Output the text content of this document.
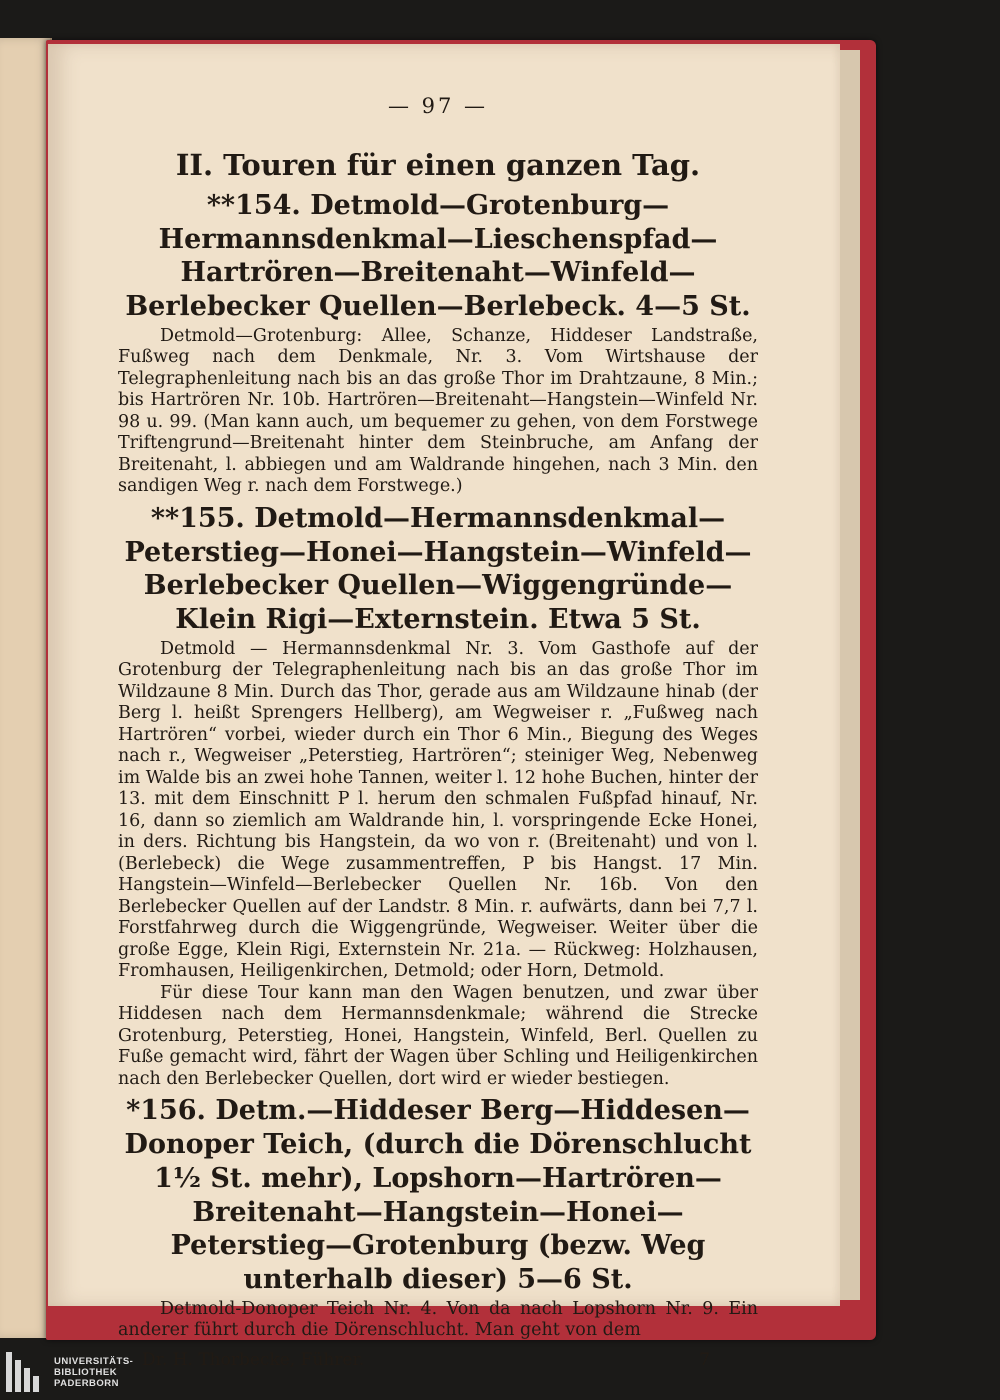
— 97 —
II. Touren für einen ganzen Tag.
**154. Detmold—Grotenburg—Hermannsdenkmal—Lieschenspfad—Hartrören—Breitenaht—Winfeld—Berlebecker Quellen—Berlebeck. 4—5 St.

Detmold—Grotenburg: Allee, Schanze, Hiddeser Landstraße, Fußweg nach dem Denkmale, Nr. 3. Vom Wirtshause der Telegraphenleitung nach bis an das große Thor im Drahtzaune, 8 Min.; bis Hartrören Nr. 10b. Hartrören—Breitenaht—Hangstein—Winfeld Nr. 98 u. 99. (Man kann auch, um bequemer zu gehen, von dem Forstwege Triftengrund—Breitenaht hinter dem Steinbruche, am Anfang der Breitenaht, l. abbiegen und am Waldrande hingehen, nach 3 Min. den sandigen Weg r. nach dem Forstwege.)

**155. Detmold—Hermannsdenkmal—Peterstieg—Honei—Hangstein—Winfeld—Berlebecker Quellen—Wiggengründe—Klein Rigi—Externstein. Etwa 5 St.

Detmold — Hermannsdenkmal Nr. 3. Vom Gasthofe auf der Grotenburg der Telegraphenleitung nach bis an das große Thor im Wildzaune 8 Min. Durch das Thor, gerade aus am Wildzaune hinab (der Berg l. heißt Sprengers Hellberg), am Wegweiser r. „Fußweg nach Hartrören“ vorbei, wieder durch ein Thor 6 Min., Biegung des Weges nach r., Wegweiser „Peterstieg, Hartrören“; steiniger Weg, Nebenweg im Walde bis an zwei hohe Tannen, weiter l. 12 hohe Buchen, hinter der 13. mit dem Einschnitt P l. herum den schmalen Fußpfad hinauf, Nr. 16, dann so ziemlich am Waldrande hin, l. vorspringende Ecke Honei, in ders. Richtung bis Hangstein, da wo von r. (Breitenaht) und von l. (Berlebeck) die Wege zusammentreffen, P bis Hangst. 17 Min. Hangstein—Winfeld—Berlebecker Quellen Nr. 16b. Von den Berlebecker Quellen auf der Landstr. 8 Min. r. aufwärts, dann bei 7,7 l. Forstfahrweg durch die Wiggengründe, Wegweiser. Weiter über die große Egge, Klein Rigi, Externstein Nr. 21a. — Rückweg: Holzhausen, Fromhausen, Heiligenkirchen, Detmold; oder Horn, Detmold.

Für diese Tour kann man den Wagen benutzen, und zwar über Hiddesen nach dem Hermannsdenkmale; während die Strecke Grotenburg, Peterstieg, Honei, Hangstein, Winfeld, Berl. Quellen zu Fuße gemacht wird, fährt der Wagen über Schling und Heiligenkirchen nach den Berlebecker Quellen, dort wird er wieder bestiegen.

*156. Detm.—Hiddeser Berg—Hiddesen—Donoper Teich, (durch die Dörenschlucht 1½ St. mehr), Lopshorn—Hartrören—Breitenaht—Hangstein—Honei—Peterstieg—Grotenburg (bezw. Weg unterhalb dieser) 5—6 St.

Detmold-Donoper Teich Nr. 4. Von da nach Lopshorn Nr. 9. Ein anderer führt durch die Dörenschlucht. Man geht von dem

Dr. H. Thorbecke, Führer.	7
UNIVERSITÄTS-
BIBLIOTHEK
PADERBORN
